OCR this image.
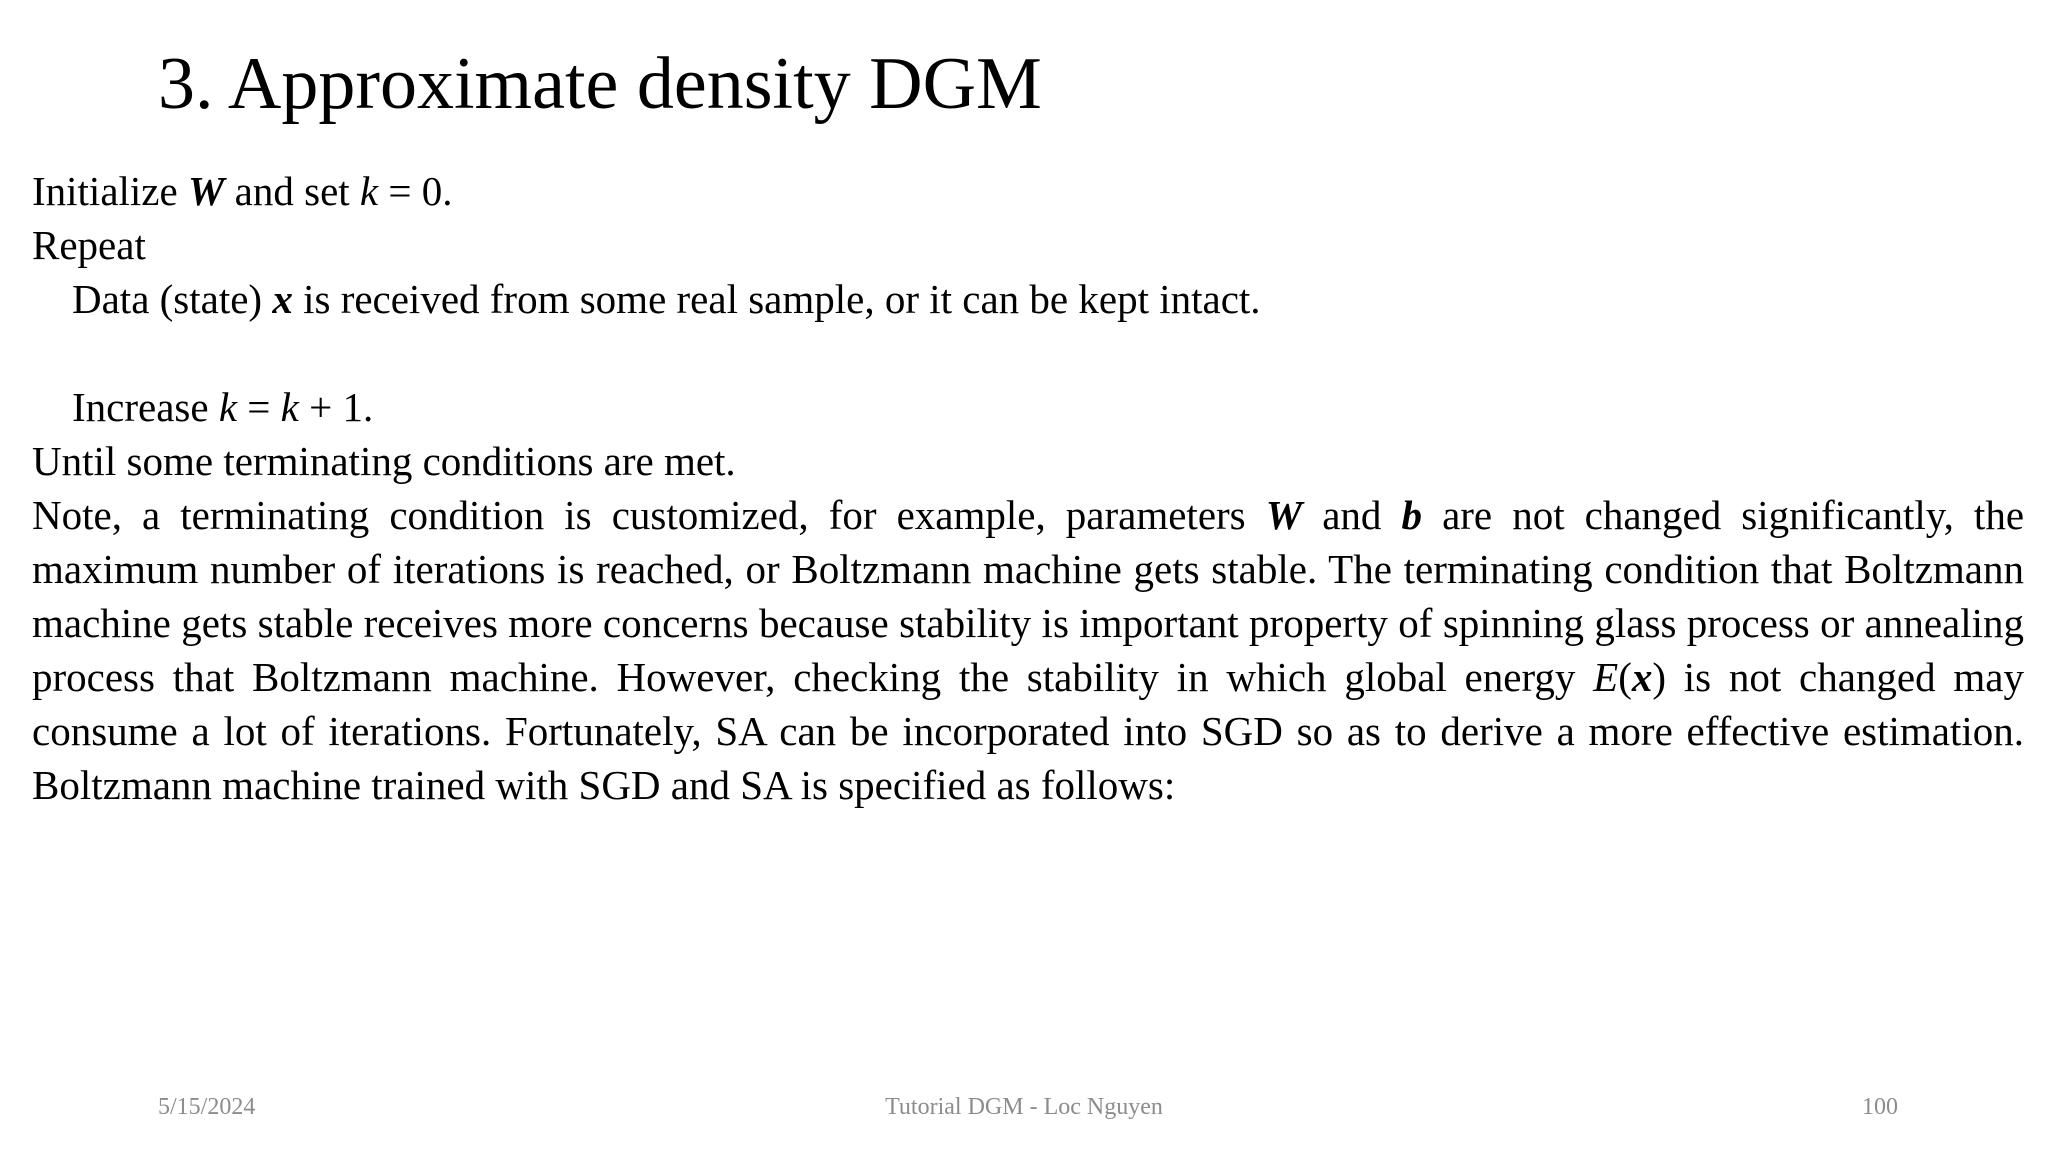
3. Approximate density DGM
Initialize W and set k = 0.
Repeat
Data (state) x is received from some real sample, or it can be kept intact.
Increase k = k + 1.
Until some terminating conditions are met.
Note, a terminating condition is customized, for example, parameters W and b are not changed significantly, the maximum number of iterations is reached, or Boltzmann machine gets stable. The terminating condition that Boltzmann machine gets stable receives more concerns because stability is important property of spinning glass process or annealing process that Boltzmann machine. However, checking the stability in which global energy E(x) is not changed may consume a lot of iterations. Fortunately, SA can be incorporated into SGD so as to derive a more effective estimation. Boltzmann machine trained with SGD and SA is specified as follows:
5/15/2024	Tutorial DGM - Loc Nguyen	100
